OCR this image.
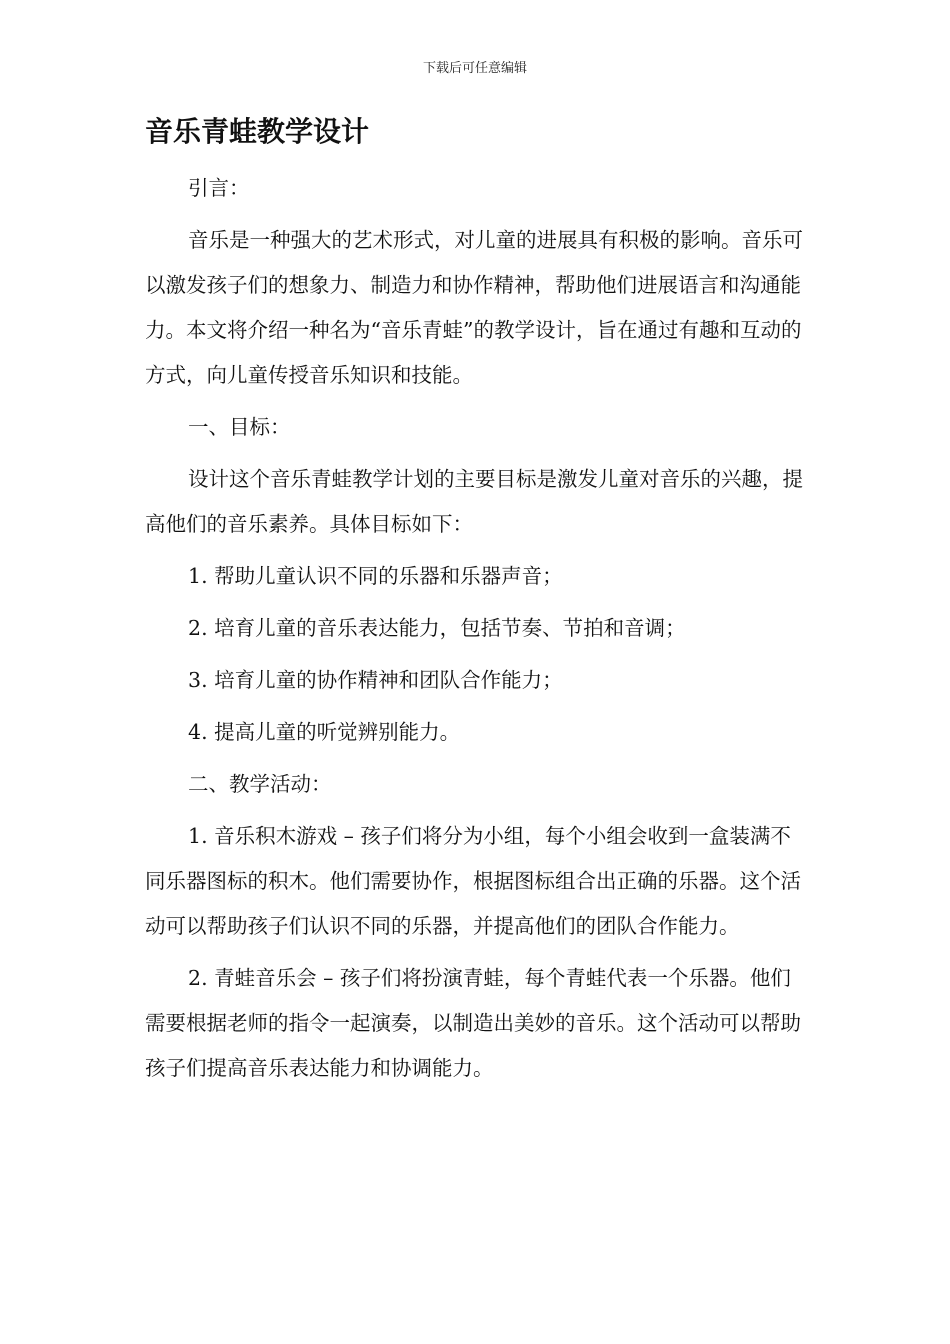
下载后可任意编辑
音乐青蛙教学设计

引言：

音乐是一种强大的艺术形式，对儿童的进展具有积极的影响。音乐可以激发孩子们的想象力、制造力和协作精神，帮助他们进展语言和沟通能力。本文将介绍一种名为“音乐青蛙”的教学设计，旨在通过有趣和互动的方式，向儿童传授音乐知识和技能。

一、目标：

设计这个音乐青蛙教学计划的主要目标是激发儿童对音乐的兴趣，提高他们的音乐素养。具体目标如下：

1. 帮助儿童认识不同的乐器和乐器声音；

2. 培育儿童的音乐表达能力，包括节奏、节拍和音调；

3. 培育儿童的协作精神和团队合作能力；

4. 提高儿童的听觉辨别能力。

二、教学活动：

1. 音乐积木游戏 – 孩子们将分为小组，每个小组会收到一盒装满不同乐器图标的积木。他们需要协作，根据图标组合出正确的乐器。这个活动可以帮助孩子们认识不同的乐器，并提高他们的团队合作能力。

2. 青蛙音乐会 – 孩子们将扮演青蛙，每个青蛙代表一个乐器。他们需要根据老师的指令一起演奏，以制造出美妙的音乐。这个活动可以帮助孩子们提高音乐表达能力和协调能力。
